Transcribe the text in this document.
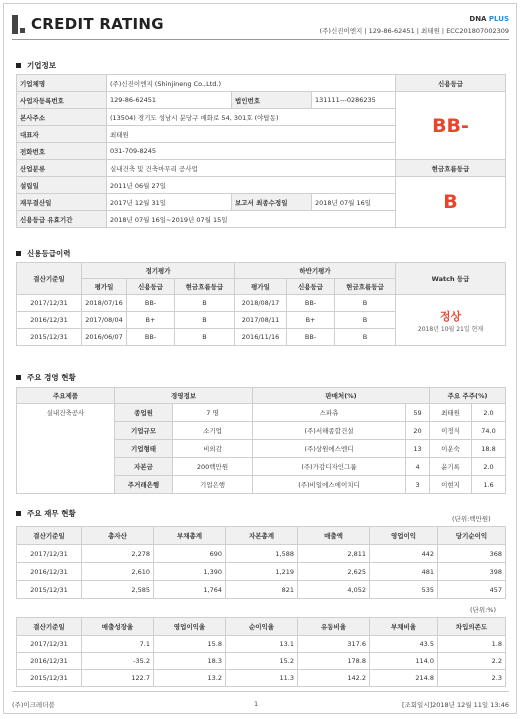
CREDIT RATING	DNA PLUS
(주)신진이엔지 | 129-86-62451 | 최태원 | ECC201807002309
기업정보
기업체명	(주)신진이엔지 (Shinjineng Co.,Ltd.)			신용등급
사업자등록번호	129-86-62451	법인번호	131111---0286235	BB-
본사주소	(13504) 경기도 성남시 분당구 매화로 54, 301호 (야탑동)			
대표자	최태원			
전화번호	031-709-8245			
산업분류	실내건축 및 건축마무리 공사업			현금흐름등급
설립일	2011년 06월 27일			B
재무결산일	2017년 12월 31일	보고서 최종수정일	2018년 07월 16일	
신용등급 유효기간	2018년 07월 16일~2019년 07월 15일			
신용등급이력
결산기준일	정기평가			하반기평가			Watch 등급
	평가일	신용등급	현금흐름등급	평가일	신용등급	현금흐름등급	
2017/12/31	2018/07/16	BB-	B	2018/08/17	BB-	B	정상
2018년 10월 21일 현재

2016/12/31	2017/08/04	B+	B	2017/08/11	B+	B	
2015/12/31	2016/06/07	BB-	B	2016/11/16	BB-	B	
주요 경영 현황
주요제품	경영정보		판매처(%)		주요 주주(%)	
실내건축공사	종업원	7 명	스파츄	59	최태원	2.0
	기업규모	소기업	(주)서해종합건설	20	이정식	74.0
	기업형태	비외감	(주)상원에스엔디	13	이운숙	18.8
	자본금	200백만원	(주)가감디자인그룹	4	윤기록	2.0
	주거래은행	기업은행	(주)비일에스에이치디	3	이현지	1.6
주요 재무 현황
(단위:백만원)
결산기준일	총자산	부채총계	자본총계	매출액	영업이익	당기순이익
2017/12/31	2,278	690	1,588	2,811	442	368
2016/12/31	2,610	1,390	1,219	2,625	481	398
2015/12/31	2,585	1,764	821	4,052	535	457
(단위:%)
결산기준일	매출성장율	영업이익율	순이익율	유동비율	부채비율	차입의존도
2017/12/31	7.1	15.8	13.1	317.6	43.5	1.8
2016/12/31	-35.2	18.3	15.2	178.8	114.0	2.2
2015/12/31	122.7	13.2	11.3	142.2	214.8	2.3
(주)이크레더블	1	[조회일시]2018년 12월 11일 13:46
